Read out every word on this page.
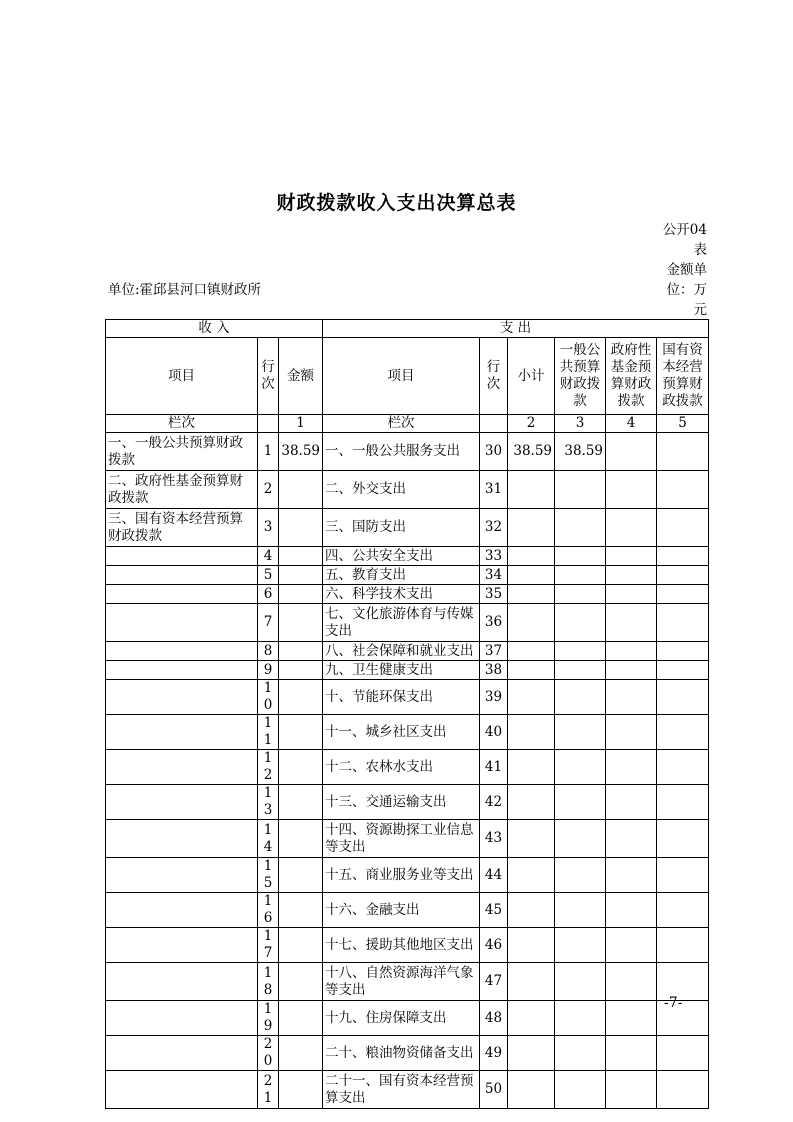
财政拨款收入支出决算总表
公开04表
金额单位：万元
单位:霍邱县河口镇财政所
收 入			支 出					
项目	行次	金额	项目	行次	小计	一般公共预算财政拨款	政府性基金预算财政拨款	国有资本经营预算财政拨款
栏次		1	栏次		2	3	4	5
一、一般公共预算财政拨款	1	38.59	一、一般公共服务支出	30	38.59	38.59		
二、政府性基金预算财政拨款	2		二、外交支出	31				
三、国有资本经营预算财政拨款	3		三、国防支出	32				
	4		四、公共安全支出	33				
	5		五、教育支出	34				
	6		六、科学技术支出	35				
	7		七、文化旅游体育与传媒支出	36				
	8		八、社会保障和就业支出	37				
	9		九、卫生健康支出	38				
	10		十、节能环保支出	39				
	11		十一、城乡社区支出	40				
	12		十二、农林水支出	41				
	13		十三、交通运输支出	42				
	14		十四、资源勘探工业信息等支出	43				
	15		十五、商业服务业等支出	44				
	16		十六、金融支出	45				
	17		十七、援助其他地区支出	46				
	18		十八、自然资源海洋气象等支出	47				
	19		十九、住房保障支出	48				
	20		二十、粮油物资储备支出	49				
	21		二十一、国有资本经营预算支出	50				
-7-
